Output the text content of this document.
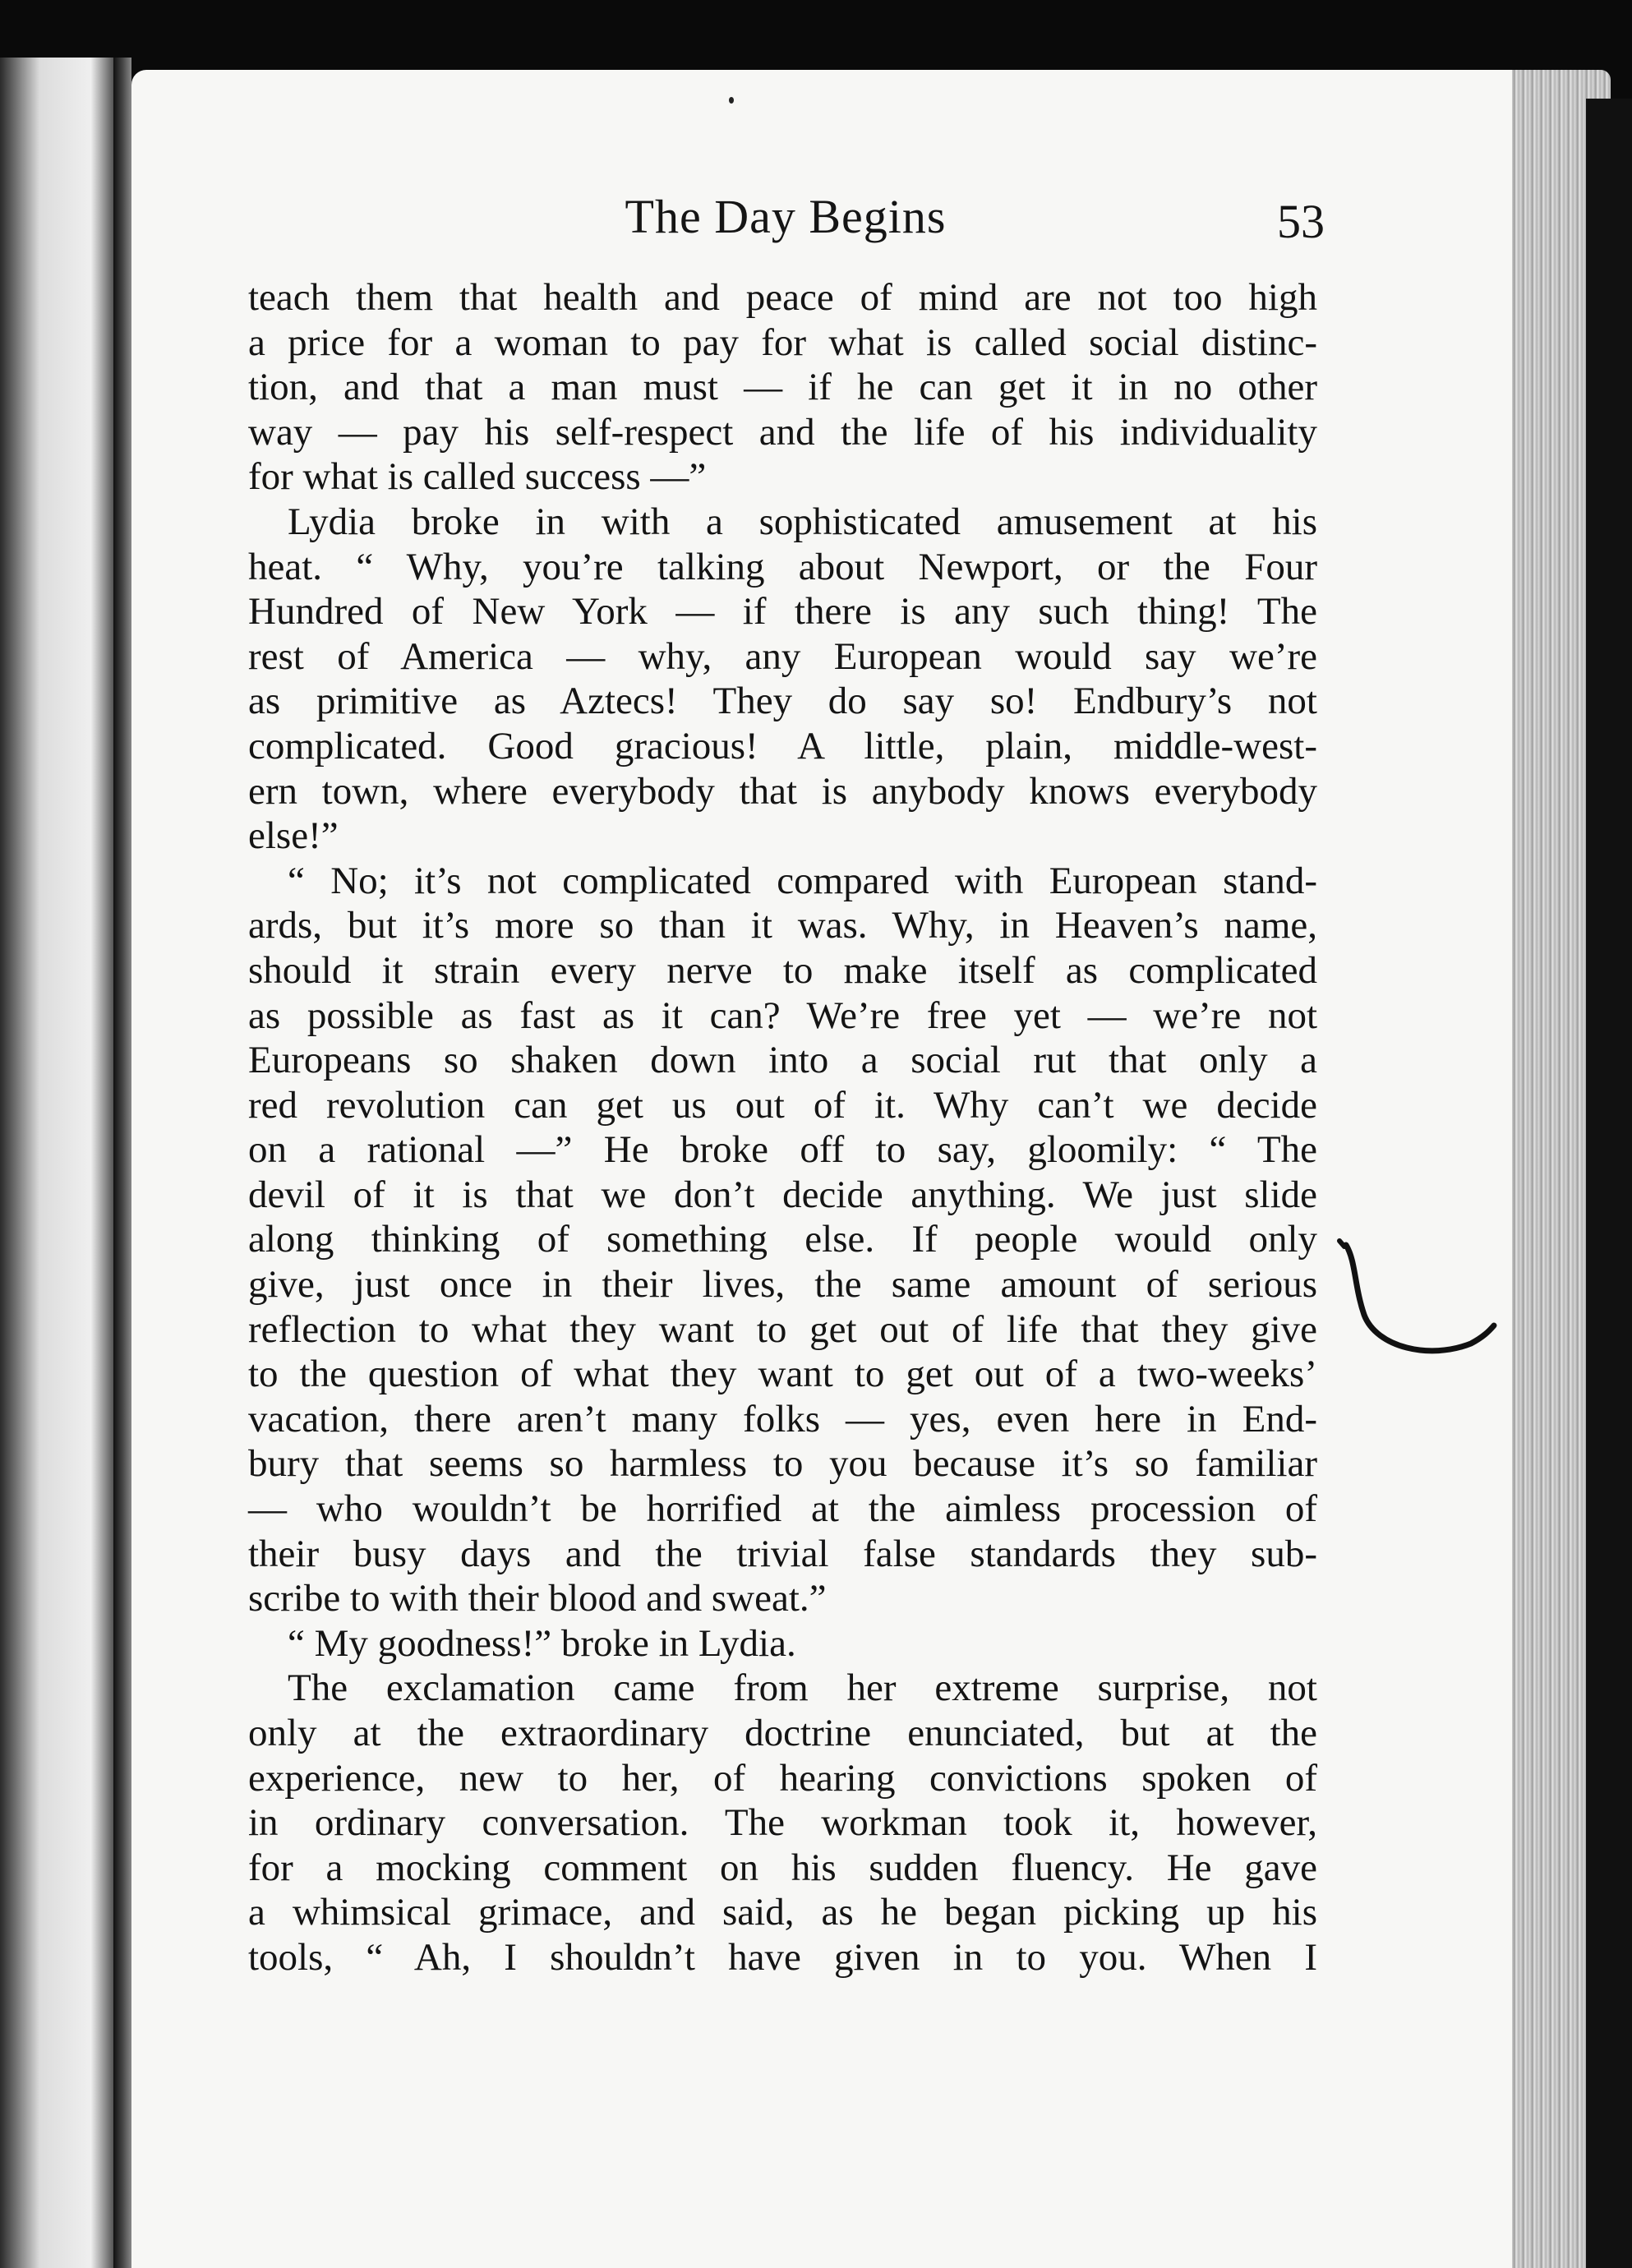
The Day Begins	53
teach them that health and peace of mind are not too high
a price for a woman to pay for what is called social distinc-
tion, and that a man must — if he can get it in no other
way — pay his self-respect and the life of his individuality
for what is called success —”
Lydia broke in with a sophisticated amusement at his
heat. “ Why, you’re talking about Newport, or the Four
Hundred of New York — if there is any such thing! The
rest of America — why, any European would say we’re
as primitive as Aztecs! They do say so! Endbury’s not
complicated. Good gracious! A little, plain, middle-west-
ern town, where everybody that is anybody knows everybody
else!”
“ No; it’s not complicated compared with European stand-
ards, but it’s more so than it was. Why, in Heaven’s name,
should it strain every nerve to make itself as complicated
as possible as fast as it can? We’re free yet — we’re not
Europeans so shaken down into a social rut that only a
red revolution can get us out of it. Why can’t we decide
on a rational —” He broke off to say, gloomily: “ The
devil of it is that we don’t decide anything. We just slide
along thinking of something else. If people would only
give, just once in their lives, the same amount of serious
reflection to what they want to get out of life that they give
to the question of what they want to get out of a two-weeks’
vacation, there aren’t many folks — yes, even here in End-
bury that seems so harmless to you because it’s so familiar
— who wouldn’t be horrified at the aimless procession of
their busy days and the trivial false standards they sub-
scribe to with their blood and sweat.”
“ My goodness!” broke in Lydia.
The exclamation came from her extreme surprise, not
only at the extraordinary doctrine enunciated, but at the
experience, new to her, of hearing convictions spoken of
in ordinary conversation. The workman took it, however,
for a mocking comment on his sudden fluency. He gave
a whimsical grimace, and said, as he began picking up his
tools, “ Ah, I shouldn’t have given in to you. When I
